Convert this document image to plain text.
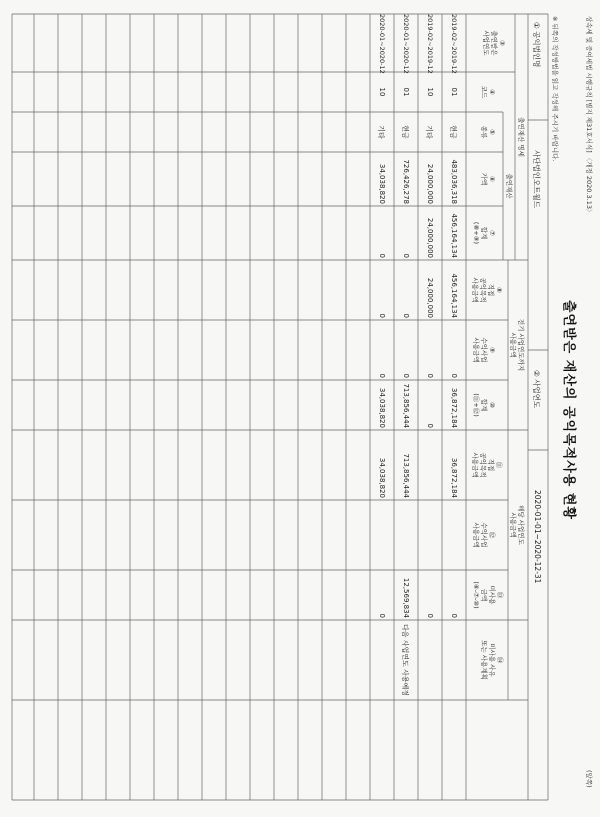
상속세 및 증여세법 시행규칙 [별지 제31호서식] 〈개정 2020.3.13〉
(앞쪽)
출연받은 재산의 공익목적사용 현황
※ 뒤쪽의 작성방법을 읽고 작성해 주시기 바랍니다.
① 공익법인명
사단법인오트월드
② 사업연도
2020-01-01~2020-12-31
출연재산 명세
출연재산
전기 사업연도까지
사용금액
해당 사업연도
사용금액
③
출연받은
사업연도
④
코드
⑤
종류
⑥
가액
⑦
합계
(⑧+⑨)
⑧
직접
공익목적
사용금액
⑨
수익사업
사용금액
⑩
합계
(⑪+⑫)
⑪
직접
공익목적
사용금액
⑫
수익사업
사용금액
⑬
미사용
금액
(⑥-⑦-⑩)
⑭
미사용 사유
또는 사용계획
2019-02~2019-12
01
현금
483,036,318
456,164,134
456,164,134
0
36,872,184
36,872,184
0
2019-02~2019-12
10
기타
24,000,000
24,000,000
24,000,000
0
0
0
2020-01~2020-12
01
현금
726,426,278
0
0
0
713,856,444
713,856,444
12,569,834
다음 사업연도 사용예정
2020-01~2020-12
10
기타
34,038,820
0
0
0
34,038,820
34,038,820
0
